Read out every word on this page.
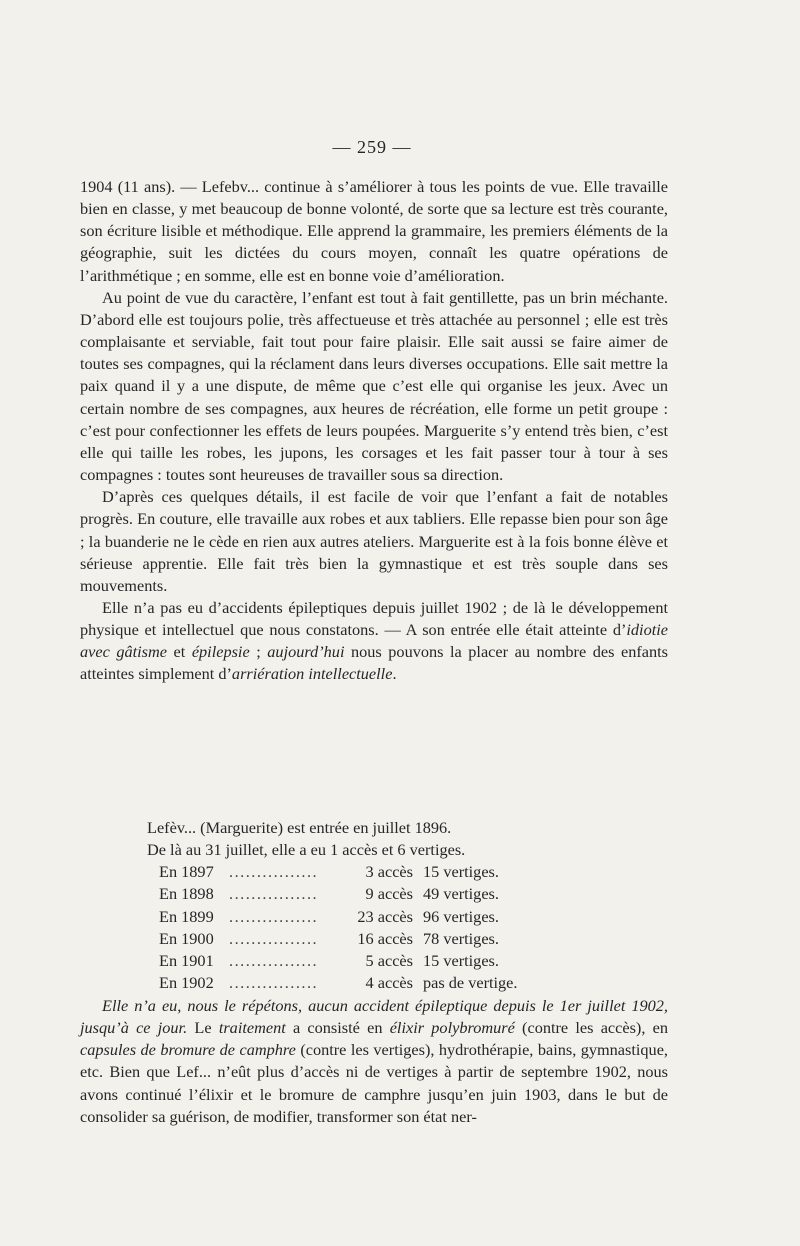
— 259 —

1904 (11 ans). — Lefebv... continue à s’améliorer à tous les points de vue. Elle travaille bien en classe, y met beaucoup de bonne volonté, de sorte que sa lecture est très courante, son écriture lisible et méthodique. Elle apprend la grammaire, les premiers éléments de la géographie, suit les dictées du cours moyen, connaît les quatre opérations de l’arithmétique ; en somme, elle est en bonne voie d’amélioration.

Au point de vue du caractère, l’enfant est tout à fait gentillette, pas un brin méchante. D’abord elle est toujours polie, très affectueuse et très attachée au personnel ; elle est très complaisante et serviable, fait tout pour faire plaisir. Elle sait aussi se faire aimer de toutes ses compagnes, qui la réclament dans leurs diverses occupations. Elle sait mettre la paix quand il y a une dispute, de même que c’est elle qui organise les jeux. Avec un certain nombre de ses compagnes, aux heures de récréation, elle forme un petit groupe : c’est pour confectionner les effets de leurs poupées. Marguerite s’y entend très bien, c’est elle qui taille les robes, les jupons, les corsages et les fait passer tour à tour à ses compagnes : toutes sont heureuses de travailler sous sa direction.

D’après ces quelques détails, il est facile de voir que l’enfant a fait de notables progrès. En couture, elle travaille aux robes et aux tabliers. Elle repasse bien pour son âge ; la buanderie ne le cède en rien aux autres ateliers. Marguerite est à la fois bonne élève et sérieuse apprentie. Elle fait très bien la gymnastique et est très souple dans ses mouvements.

Elle n’a pas eu d’accidents épileptiques depuis juillet 1902 ; de là le développement physique et intellectuel que nous constatons. — A son entrée elle était atteinte d’idiotie avec gâtisme et épilepsie ; aujourd’hui nous pouvons la placer au nombre des enfants atteintes simplement d’arriération intellectuelle.

Lefèv... (Marguerite) est entrée en juillet 1896.
De là au 31 juillet, elle a eu 1 accès et 6 vertiges.
En 1897 ................	3 accès 15 vertiges.
En 1898 ................	9 accès 49 vertiges.
En 1899 ................	23 accès 96 vertiges.
En 1900 ................	16 accès 78 vertiges.
En 1901 ................	5 accès 15 vertiges.
En 1902 ................	4 accès pas de vertige.

Elle n’a eu, nous le répétons, aucun accident épileptique depuis le 1er juillet 1902, jusqu’à ce jour. Le traitement a consisté en élixir polybromuré (contre les accès), en capsules de bromure de camphre (contre les vertiges), hydrothérapie, bains, gymnastique, etc. Bien que Lef... n’eût plus d’accès ni de vertiges à partir de septembre 1902, nous avons continué l’élixir et le bromure de camphre jusqu’en juin 1903, dans le but de consolider sa guérison, de modifier, transformer son état ner-
